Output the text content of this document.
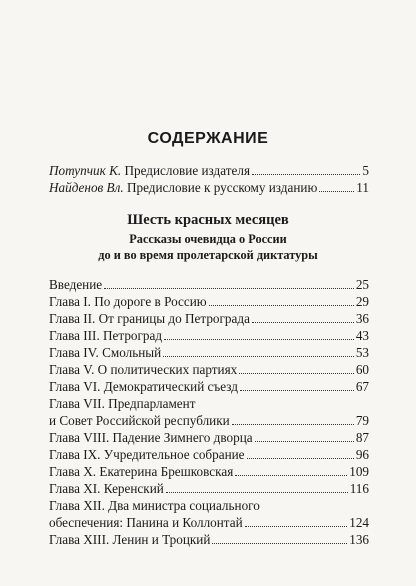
СОДЕРЖАНИЕ
Потупчик К. Предисловие издателя	5
Найденов Вл. Предисловие к русскому изданию	11
Шесть красных месяцев
Рассказы очевидца о России
до и во время пролетарской диктатуры
Введение	25
Глава I. По дороге в Россию	29
Глава II. От границы до Петрограда	36
Глава III. Петроград	43
Глава IV. Смольный	53
Глава V. О политических партиях	60
Глава VI. Демократический съезд	67
Глава VII. Предпарламент
и Совет Российской республики	79
Глава VIII. Падение Зимнего дворца	87
Глава IX. Учредительное собрание	96
Глава X. Екатерина Брешковская	109
Глава XI. Керенский	116
Глава XII. Два министра социального
обеспечения: Панина и Коллонтай	124
Глава XIII. Ленин и Троцкий	136
